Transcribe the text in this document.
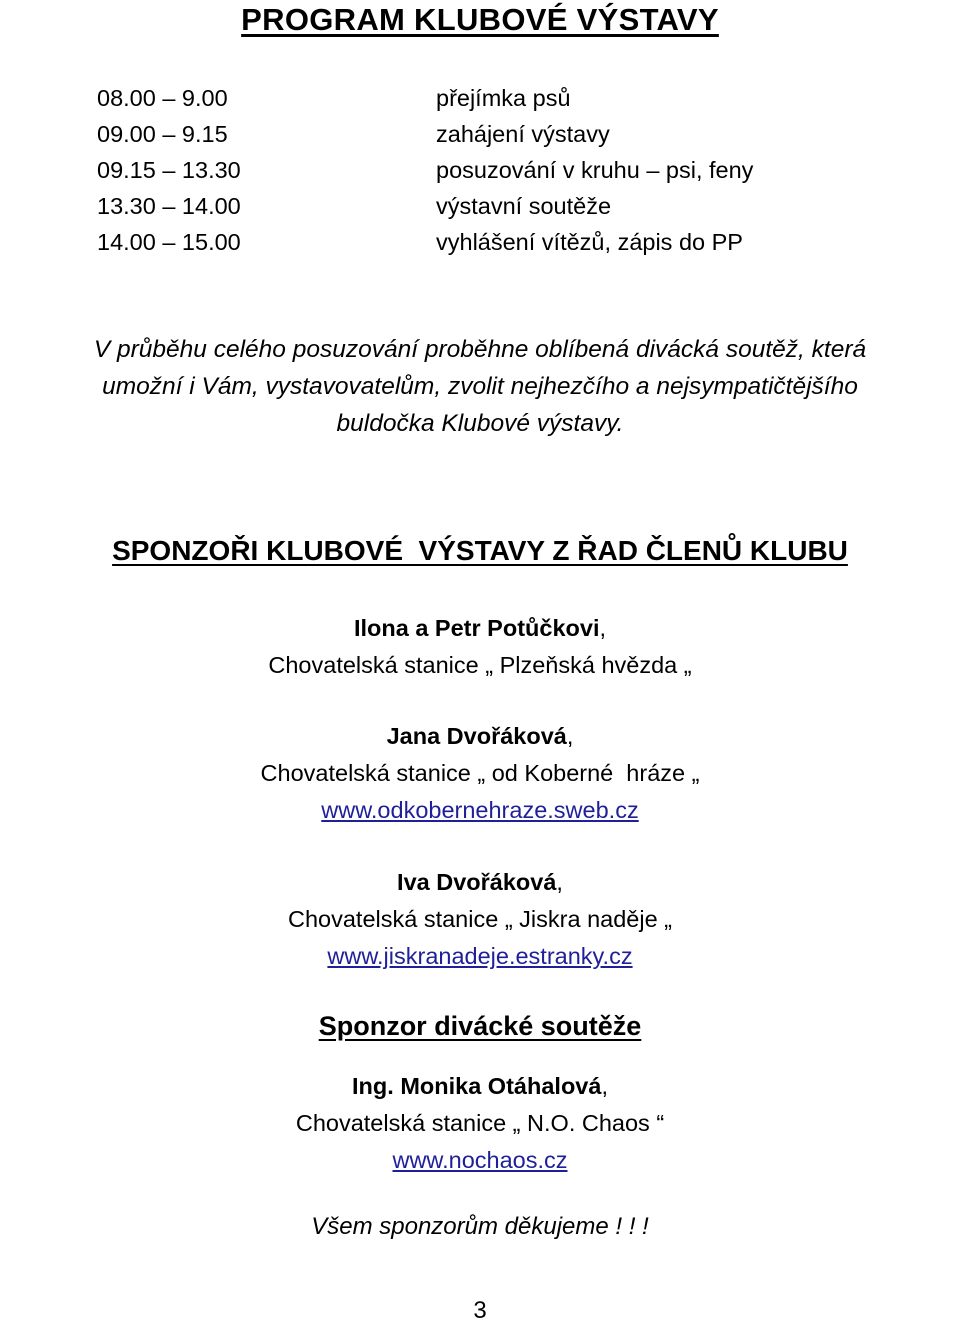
PROGRAM KLUBOVÉ VÝSTAVY
08.00 – 9.00	přejímka psů
09.00 – 9.15	zahájení výstavy
09.15 – 13.30	posuzování v kruhu – psi, feny
13.30 – 14.00	výstavní soutěže
14.00 – 15.00	vyhlášení vítězů, zápis do PP
V průběhu celého posuzování proběhne oblíbená divácká soutěž, která
umožní i Vám, vystavovatelům, zvolit nejhezčího a nejsympatičtějšího
buldočka Klubové výstavy.
SPONZOŘI KLUBOVÉ  VÝSTAVY Z ŘAD ČLENŮ KLUBU
Ilona a Petr Potůčkovi,
Chovatelská stanice „ Plzeňská hvězda „
Jana Dvořáková,
Chovatelská stanice „ od Koberné  hráze „
www.odkobernehraze.sweb.cz
Iva Dvořáková,
Chovatelská stanice „ Jiskra naděje „
www.jiskranadeje.estranky.cz
Sponzor divácké soutěže
Ing. Monika Otáhalová,
Chovatelská stanice „ N.O. Chaos “
www.nochaos.cz
Všem sponzorům děkujeme ! ! !
3
